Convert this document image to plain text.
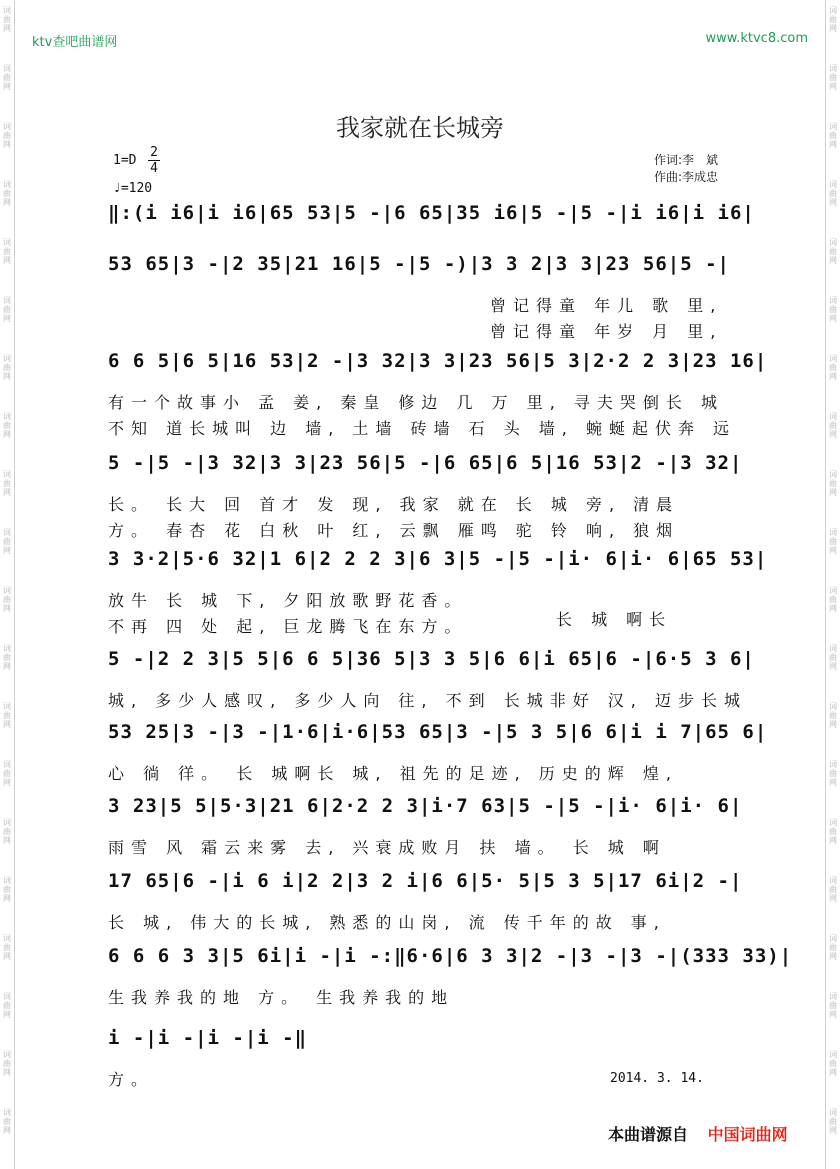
词曲网
词曲网
词曲网
词曲网
词曲网
词曲网
词曲网
词曲网
词曲网
词曲网
词曲网
词曲网
词曲网
词曲网
词曲网
词曲网
词曲网
词曲网
词曲网
词曲网
词曲网
词曲网
词曲网
词曲网
词曲网
词曲网
词曲网
词曲网
词曲网
词曲网
词曲网
词曲网
词曲网
词曲网
词曲网
词曲网
词曲网
词曲网
词曲网
词曲网
ktv查吧曲谱网	www.ktvc8.com
我家就在长城旁
1=D
2
4
♩=120
作词:李　斌
作曲:李成忠
‖:(i i6|i i6|65 53|5 -|6 65|35 i6|5 -|5 -|i i6|i i6|
53 65|3 -|2 35|21 16|5 -|5 -)|3 3 2|3 3|23 56|5 -|
曾记得童 年儿 歌 里,
曾记得童 年岁 月 里,
6 6 5|6 5|16 53|2 -|3 32|3 3|23 56|5 3|2·2 2 3|23 16|
有一个故事小 孟 姜, 秦皇 修边 几 万 里, 寻夫哭倒长 城
不知 道长城叫 边 墙, 土墙 砖墙 石 头 墙, 蜿蜒起伏奔 远
5 -|5 -|3 32|3 3|23 56|5 -|6 65|6 5|16 53|2 -|3 32|
长。 长大 回 首才 发 现, 我家 就在 长 城 旁, 清晨
方。 春杏 花 白秋 叶 红, 云飘 雁鸣 驼 铃 响, 狼烟
3 3·2|5·6 32|1 6|2 2 2 3|6 3|5 -|5 -|i· 6|i· 6|65 53|
放牛 长 城 下, 夕阳放歌野花香。
不再 四 处 起, 巨龙腾飞在东方。
5 -|2 2 3|5 5|6 6 5|36 5|3 3 5|6 6|i 65|6 -|6·5 3 6|
城, 多少人感叹, 多少人向 往, 不到 长城非好 汉, 迈步长城
53 25|3 -|3 -|1·6|i·6|53 65|3 -|5 3 5|6 6|i i 7|65 6|
心 徜 徉。 长 城啊长 城, 祖先的足迹, 历史的辉 煌,
3 23|5 5|5·3|21 6|2·2 2 3|i·7 63|5 -|5 -|i· 6|i· 6|
雨雪 风 霜云来雾 去, 兴衰成败月 扶 墙。 长 城 啊
17 65|6 -|i 6 i|2 2|3 2 i|6 6|5· 5|5 3 5|17 6i|2 -|
长 城, 伟大的长城, 熟悉的山岗, 流 传千年的故 事,
6 6 6 3 3|5 6i|i -|i -:‖6·6|6 3 3|2 -|3 -|3 -|(333 33)|
生我养我的地 方。 生我养我的地
i -|i -|i -|i -‖
方。
长 城 啊长
2014. 3. 14.
本曲谱源自 中国词曲网
